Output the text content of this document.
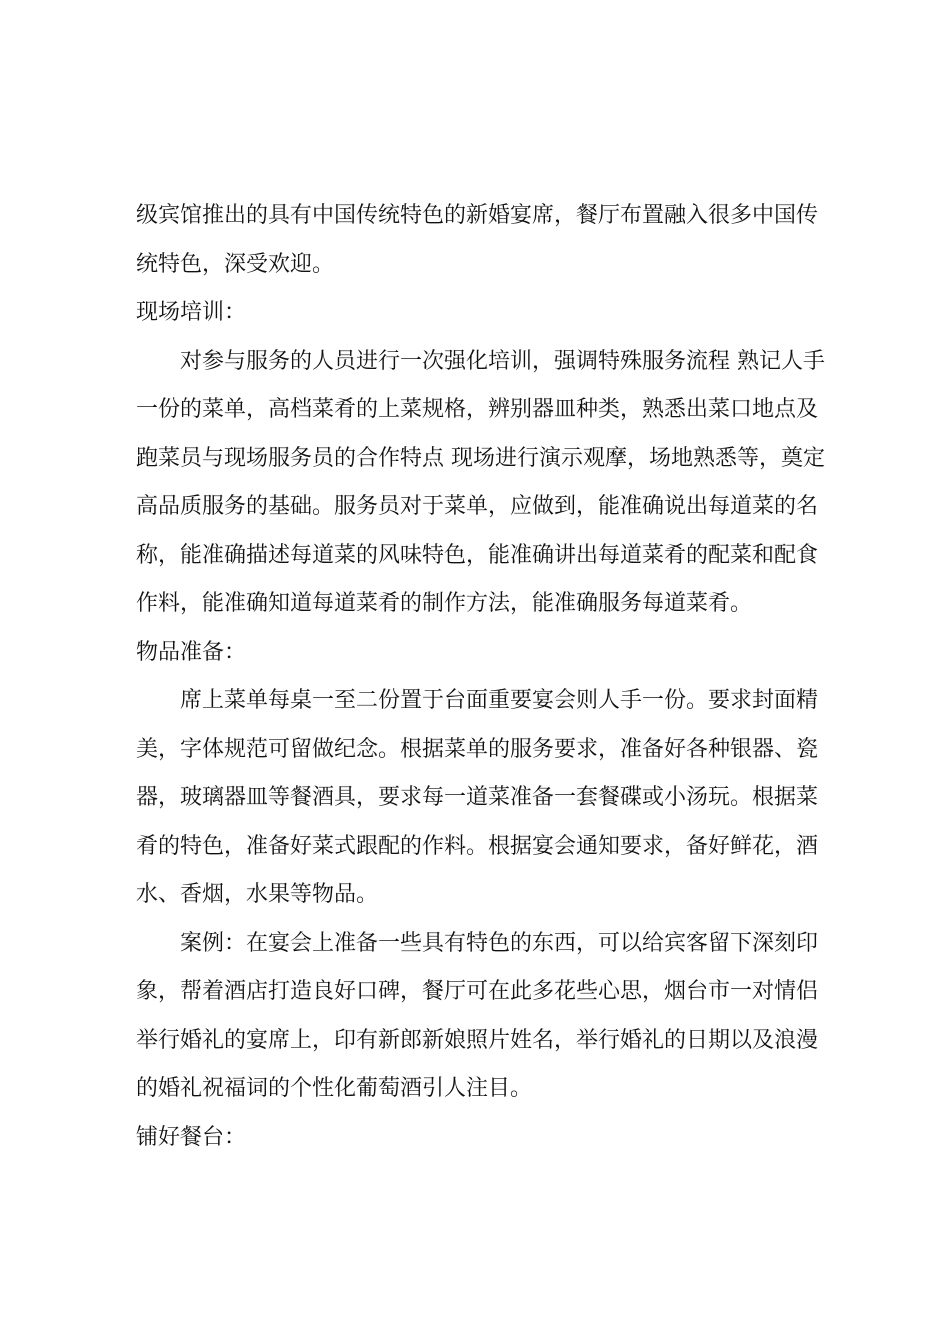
级宾馆推出的具有中国传统特色的新婚宴席，餐厅布置融入很多中国传
统特色，深受欢迎。
现场培训：
对参与服务的人员进行一次强化培训，强调特殊服务流程 熟记人手
一份的菜单，高档菜肴的上菜规格，辨别器皿种类，熟悉出菜口地点及
跑菜员与现场服务员的合作特点 现场进行演示观摩，场地熟悉等，奠定
高品质服务的基础。服务员对于菜单，应做到，能准确说出每道菜的名
称，能准确描述每道菜的风味特色，能准确讲出每道菜肴的配菜和配食
作料，能准确知道每道菜肴的制作方法，能准确服务每道菜肴。
物品准备：
席上菜单每桌一至二份置于台面重要宴会则人手一份。要求封面精
美，字体规范可留做纪念。根据菜单的服务要求，准备好各种银器、瓷
器，玻璃器皿等餐酒具，要求每一道菜准备一套餐碟或小汤玩。根据菜
肴的特色，准备好菜式跟配的作料。根据宴会通知要求，备好鲜花，酒
水、香烟，水果等物品。
案例：在宴会上准备一些具有特色的东西，可以给宾客留下深刻印
象，帮着酒店打造良好口碑，餐厅可在此多花些心思，烟台市一对情侣
举行婚礼的宴席上，印有新郎新娘照片姓名，举行婚礼的日期以及浪漫
的婚礼祝福词的个性化葡萄酒引人注目。
铺好餐台：
